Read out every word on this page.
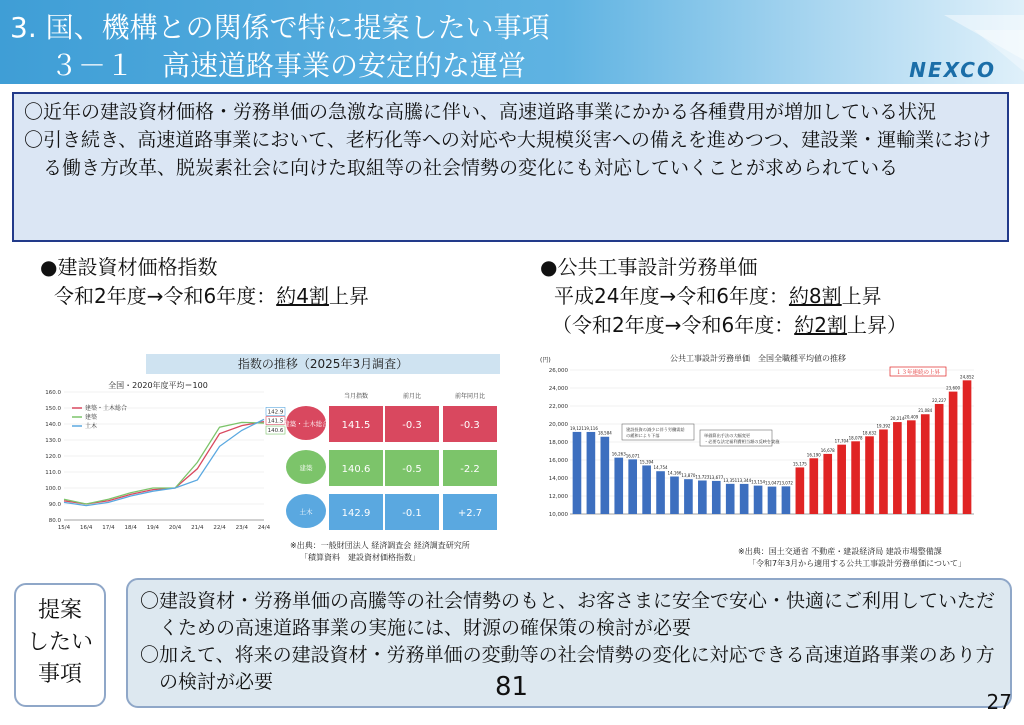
3. 国、機構との関係で特に提案したい事項
３－１　高速道路事業の安定的な運営	NEXCO

〇近年の建設資材価格・労務単価の急激な高騰に伴い、高速道路事業にかかる各種費用が増加している状況

〇引き続き、高速道路事業において、老朽化等への対応や大規模災害への備えを進めつつ、建設業・運輸業における働き方改革、脱炭素社会に向けた取組等の社会情勢の変化にも対応していくことが求められている

●建設資材価格指数
令和2年度→令和6年度：約4割上昇
●公共工事設計労務単価
平成24年度→令和6年度：約8割上昇
（令和2年度→令和6年度：約2割上昇）
指数の推移（2025年3月調査）
全国・2020年度平均＝100
80.0
90.0
100.0
110.0
120.0
130.0
140.0
150.0
160.0
15/4 16/4 17/4 18/4 19/4 20/4 21/4 22/4 23/4 24/4
建築・土木総合
建築
土木
142.9
141.5
140.6
当月指数	前月比	前年同月比
建築・土木総合 141.5	-0.3	-0.3
建築	140.6	-0.5	-2.2
土木	142.9	-0.1	+2.7
※出典：一般財団法人 経済調査会 経済調査研究所
「積算資料　建設資材価格指数」
公共工事設計労務単価　全国全職種平均値の推移
(円)
10,000
12,000
14,000
16,000
18,000
20,000
22,000
24,000
26,000
19,121 19,116
18,584
16,263 16,071
15,394
14,754
14,166
13,870 13,723 13,677
13,351 13,344 13,154 13,047 13,072
15,175
16,190
16,678
17,704
18,078
18,632
19,392
20,214 20,409
21,084
22,227
23,600
24,852
１３年連続の上昇
建設投資の減少に伴う労働需給
の緩和により下落	単価算出手法の大幅変更
・必要な法定福利費相当額の反映を実施
※出典：国土交通省 不動産・建設経済局 建設市場整備課
「令和7年3月から適用する公共工事設計労務単価について」
提案
したい
事項

〇建設資材・労務単価の高騰等の社会情勢のもと、お客さまに安全で安心・快適にご利用していただくための高速道路事業の実施には、財源の確保策の検討が必要

〇加えて、将来の建設資材・労務単価の変動等の社会情勢の変化に対応できる高速道路事業のあり方の検討が必要	81	27
